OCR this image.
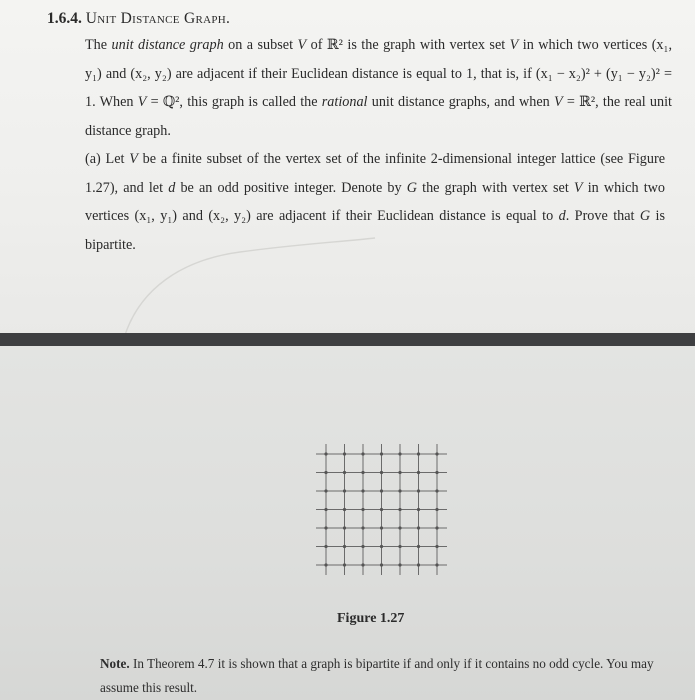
1.6.4. Unit Distance Graph.
The unit distance graph on a subset V of ℝ² is the graph with vertex set V in which two vertices (x₁, y₁) and (x₂, y₂) are adjacent if their Euclidean distance is equal to 1, that is, if (x₁ − x₂)² + (y₁ − y₂)² = 1. When V = ℚ², this graph is called the rational unit distance graphs, and when V = ℝ², the real unit distance graph.
(a) Let V be a finite subset of the vertex set of the infinite 2-dimensional integer lattice (see Figure 1.27), and let d be an odd positive integer. Denote by G the graph with vertex set V in which two vertices (x₁, y₁) and (x₂, y₂) are adjacent if their Euclidean distance is equal to d. Prove that G is bipartite.
Figure 1.27
Note. In Theorem 4.7 it is shown that a graph is bipartite if and only if it contains no odd cycle. You may assume this result.
